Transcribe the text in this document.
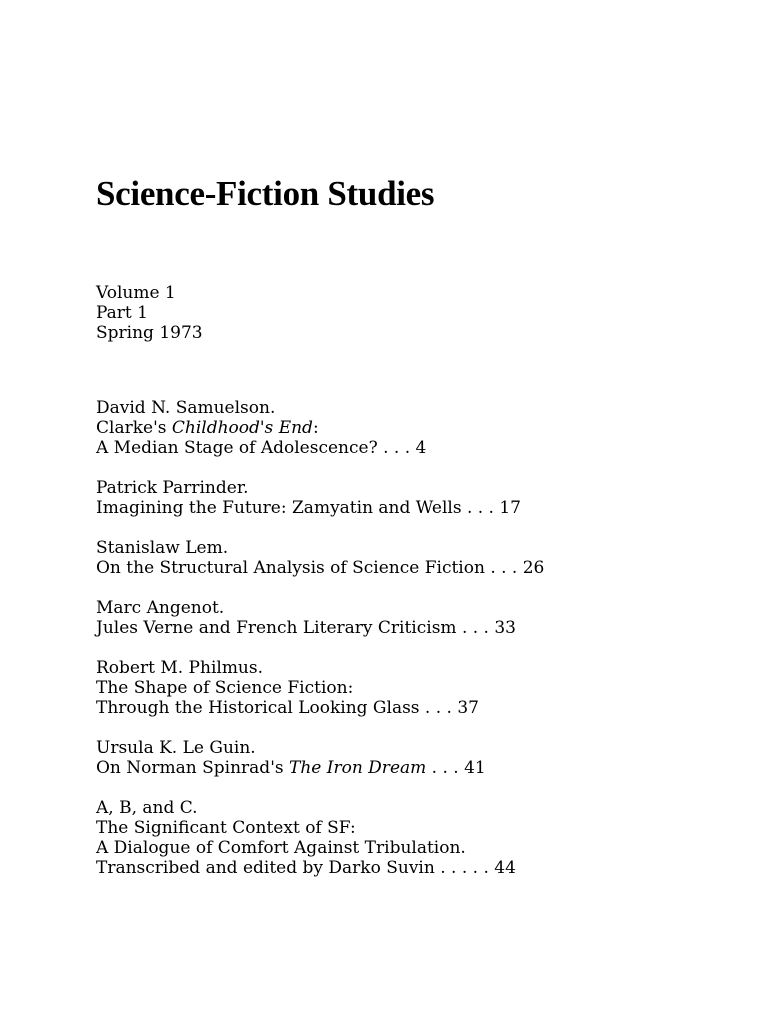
Science-Fiction Studies
Volume 1
Part 1
Spring 1973
David N. Samuelson.
Clarke's Childhood's End:
A Median Stage of Adolescence? . . . 4
Patrick Parrinder.
Imagining the Future: Zamyatin and Wells . . . 17
Stanislaw Lem.
On the Structural Analysis of Science Fiction . . . 26
Marc Angenot.
Jules Verne and French Literary Criticism . . . 33
Robert M. Philmus.
The Shape of Science Fiction:
Through the Historical Looking Glass . . . 37
Ursula K. Le Guin.
On Norman Spinrad's The Iron Dream . . . 41
A, B, and C.
The Significant Context of SF:
A Dialogue of Comfort Against Tribulation.
Transcribed and edited by Darko Suvin . . . . . 44
